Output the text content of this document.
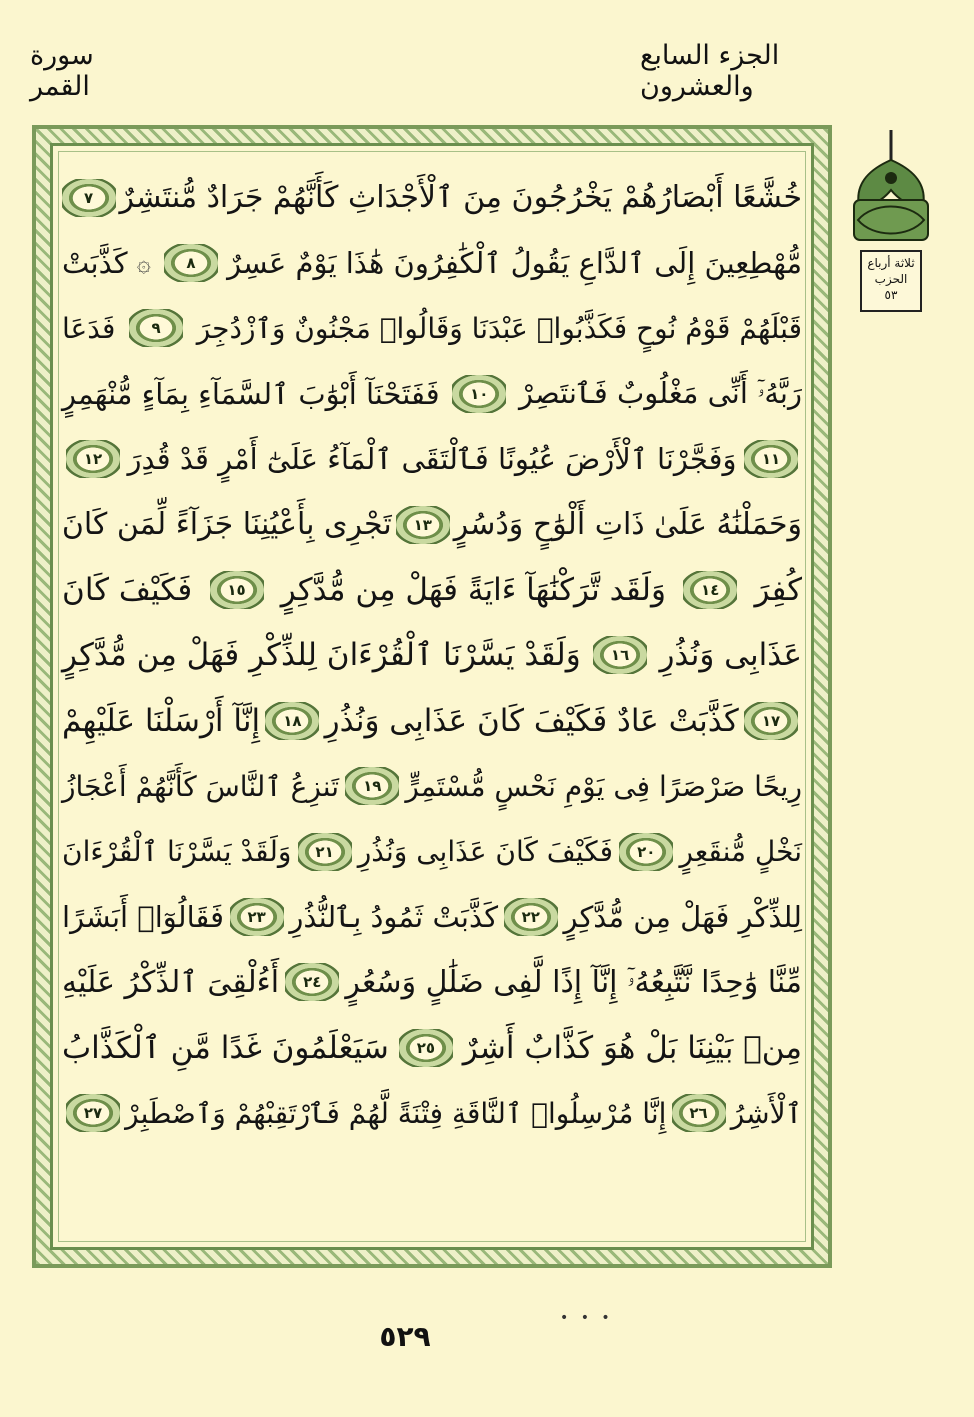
الجزء السابع والعشرون
سورة القمر
ثلاثة أرباع
الحزب
٥٣
خُشَّعًا أَبْصَارُهُمْ يَخْرُجُونَ مِنَ ٱلْأَجْدَاثِ كَأَنَّهُمْ جَرَادٌ مُّنتَشِرٌ
٧
مُّهْطِعِينَ إِلَى ٱلدَّاعِ يَقُولُ ٱلْكَٰفِرُونَ هَٰذَا يَوْمٌ عَسِرٌ
٨
۞
كَذَّبَتْ
قَبْلَهُمْ قَوْمُ نُوحٍ فَكَذَّبُوا۟ عَبْدَنَا وَقَالُوا۟ مَجْنُونٌ وَٱزْدُجِرَ
٩
فَدَعَا
رَبَّهُۥٓ أَنِّى مَغْلُوبٌ فَٱنتَصِرْ
١٠
فَفَتَحْنَآ أَبْوَٰبَ ٱلسَّمَآءِ بِمَآءٍ مُّنْهَمِرٍ
١١
وَفَجَّرْنَا ٱلْأَرْضَ عُيُونًا فَٱلْتَقَى ٱلْمَآءُ عَلَىٰٓ أَمْرٍ قَدْ قُدِرَ
١٢
وَحَمَلْنَٰهُ عَلَىٰ ذَاتِ أَلْوَٰحٍ وَدُسُرٍ
١٣
تَجْرِى بِأَعْيُنِنَا جَزَآءً لِّمَن كَانَ
كُفِرَ
١٤
وَلَقَد تَّرَكْنَٰهَآ ءَايَةً فَهَلْ مِن مُّدَّكِرٍ
١٥
فَكَيْفَ كَانَ
عَذَابِى وَنُذُرِ
١٦
وَلَقَدْ يَسَّرْنَا ٱلْقُرْءَانَ لِلذِّكْرِ فَهَلْ مِن مُّدَّكِرٍ
١٧
كَذَّبَتْ عَادٌ فَكَيْفَ كَانَ عَذَابِى وَنُذُرِ
١٨
إِنَّآ أَرْسَلْنَا عَلَيْهِمْ
رِيحًا صَرْصَرًا فِى يَوْمِ نَحْسٍ مُّسْتَمِرٍّ
١٩
تَنزِعُ ٱلنَّاسَ كَأَنَّهُمْ أَعْجَازُ
نَخْلٍ مُّنقَعِرٍ
٢٠
فَكَيْفَ كَانَ عَذَابِى وَنُذُرِ
٢١
وَلَقَدْ يَسَّرْنَا ٱلْقُرْءَانَ
لِلذِّكْرِ فَهَلْ مِن مُّدَّكِرٍ
٢٢
كَذَّبَتْ ثَمُودُ بِٱلنُّذُرِ
٢٣
فَقَالُوٓا۟ أَبَشَرًا
مِّنَّا وَٰحِدًا نَّتَّبِعُهُۥٓ إِنَّآ إِذًا لَّفِى ضَلَٰلٍ وَسُعُرٍ
٢٤
أَءُلْقِىَ ٱلذِّكْرُ عَلَيْهِ
مِنۢ بَيْنِنَا بَلْ هُوَ كَذَّابٌ أَشِرٌ
٢٥
سَيَعْلَمُونَ غَدًا مَّنِ ٱلْكَذَّابُ
ٱلْأَشِرُ
٢٦
إِنَّا مُرْسِلُوا۟ ٱلنَّاقَةِ فِتْنَةً لَّهُمْ فَٱرْتَقِبْهُمْ وَٱصْطَبِرْ
٢٧
٥٢٩
• • •
